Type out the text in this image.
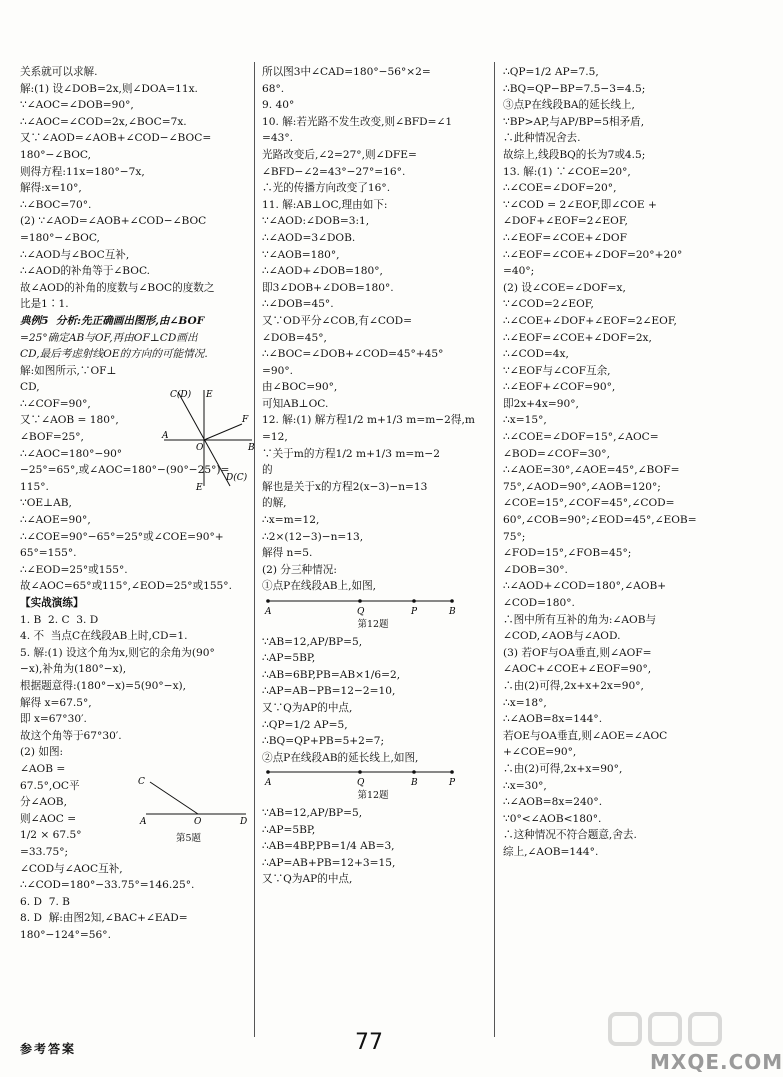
关系就可以求解.
解:(1) 设∠DOB=2x,则∠DOA=11x.
∵∠AOC=∠DOB=90°,
∴∠AOC=∠COD=2x,∠BOC=7x.
又∵∠AOD=∠AOB+∠COD−∠BOC=
180°−∠BOC,
则得方程:11x=180°−7x,
解得:x=10°,
∴∠BOC=70°.
(2) ∵∠AOD=∠AOB+∠COD−∠BOC
=180°−∠BOC,
∴∠AOD与∠BOC互补,
∴∠AOD的补角等于∠BOC.
故∠AOD的补角的度数与∠BOC的度数之
比是1∶1.
典例5  分析:先正确画出图形,由∠BOF
=25°确定AB与OF,再由OF⊥CD画出
CD,最后考虑射线OE的方向的可能情况.
解:如图所示,∵OF⊥
CD,
∴∠COF=90°,
又∵∠AOB = 180°,
∠BOF=25°,
∴∠AOC=180°−90°
−25°=65°,或∠AOC=180°−(90°−25°)=
115°.
∵OE⊥AB,
∴∠AOE=90°,
∴∠COE=90°−65°=25°或∠COE=90°+
65°=155°.
∴∠EOD=25°或155°.
故∠AOC=65°或115°,∠EOD=25°或155°.
【实战演练】
1. B  2. C  3. D
4. 不  当点C在线段AB上时,CD=1.
5. 解:(1) 设这个角为x,则它的余角为(90°
−x),补角为(180°−x),
根据题意得:(180°−x)=5(90°−x),
解得 x=67.5°,
即 x=67°30′.
故这个角等于67°30′.
(2) 如图:
∠AOB =
67.5°,OC平
分∠AOB,
则∠AOC =
1/2 × 67.5°
=33.75°;
∠COD与∠AOC互补,
∴∠COD=180°−33.75°=146.25°.
6. D  7. B
8. D  解:由图2知,∠BAC+∠EAD=
180°−124°=56°.
所以图3中∠CAD=180°−56°×2=
68°.
9. 40°
10. 解:若光路不发生改变,则∠BFD=∠1
=43°.
光路改变后,∠2=27°,则∠DFE=
∠BFD−∠2=43°−27°=16°.
∴光的传播方向改变了16°.
11. 解:AB⊥OC,理由如下:
∵∠AOD:∠DOB=3:1,
∴∠AOD=3∠DOB.
∵∠AOB=180°,
∴∠AOD+∠DOB=180°,
即3∠DOB+∠DOB=180°.
∴∠DOB=45°.
又∵OD平分∠COB,有∠COD=
∠DOB=45°,
∴∠BOC=∠DOB+∠COD=45°+45°
=90°.
由∠BOC=90°,
可知AB⊥OC.
12. 解:(1) 解方程1/2 m+1/3 m=m−2得,m
=12,
∵关于m的方程1/2 m+1/3 m=m−2
的
解也是关于x的方程2(x−3)−n=13
的解,
∴x=m=12,
∴2×(12−3)−n=13,
解得 n=5.
(2) 分三种情况:
①点P在线段AB上,如图,
A	Q	P	B
第12题
∵AB=12,AP/BP=5,
∴AP=5BP,
∴AB=6BP,PB=AB×1/6=2,
∴AP=AB−PB=12−2=10,
又∵Q为AP的中点,
∴QP=1/2 AP=5,
∴BQ=QP+PB=5+2=7;
②点P在线段AB的延长线上,如图,
A	Q	B	P
第12题
∵AB=12,AP/BP=5,
∴AP=5BP,
∴AB=4BP,PB=1/4 AB=3,
∴AP=AB+PB=12+3=15,
又∵Q为AP的中点,
∴QP=1/2 AP=7.5,
∴BQ=QP−BP=7.5−3=4.5;
③点P在线段BA的延长线上,
∵BP>AP,与AP/BP=5相矛盾,
∴此种情况舍去.
故综上,线段BQ的长为7或4.5;
13. 解:(1) ∵∠COE=20°,
∴∠COE=∠DOF=20°,
∵∠COD = 2∠EOF,即∠COE +
∠DOF+∠EOF=2∠EOF,
∴∠EOF=∠COE+∠DOF
∴∠EOF=∠COE+∠DOF=20°+20°
=40°;
(2) 设∠COE=∠DOF=x,
∵∠COD=2∠EOF,
∴∠COE+∠DOF+∠EOF=2∠EOF,
∴∠EOF=∠COE+∠DOF=2x,
∴∠COD=4x,
∵∠EOF与∠COF互余,
∴∠EOF+∠COF=90°,
即2x+4x=90°,
∴x=15°,
∴∠COE=∠DOF=15°,∠AOC=
∠BOD=∠COF=30°,
∴∠AOE=30°,∠AOE=45°,∠BOF=
75°,∠AOD=90°,∠AOB=120°;
∠COE=15°,∠COF=45°,∠COD=
60°,∠COB=90°;∠EOD=45°,∠EOB=
75°;
∠FOD=15°,∠FOB=45°;
∠DOB=30°.
∴∠AOD+∠COD=180°,∠AOB+
∠COD=180°.
∴图中所有互补的角为:∠AOB与
∠COD,∠AOB与∠AOD.
(3) 若OF与OA垂直,则∠AOF=
∠AOC+∠COE+∠EOF=90°,
∴由(2)可得,2x+x+2x=90°,
∴x=18°,
∴∠AOB=8x=144°.
若OE与OA垂直,则∠AOE=∠AOC
+∠COE=90°,
∴由(2)可得,2x+x=90°,
∴x=30°,
∴∠AOB=8x=240°.
∵0°<∠AOB<180°.
∴这种情况不符合题意,舍去.
综上,∠AOB=144°.
C(D) E
F
A
O	B
E
D(C)
C
A	O	D
第5题
参考答案	77
MXQE.COM
